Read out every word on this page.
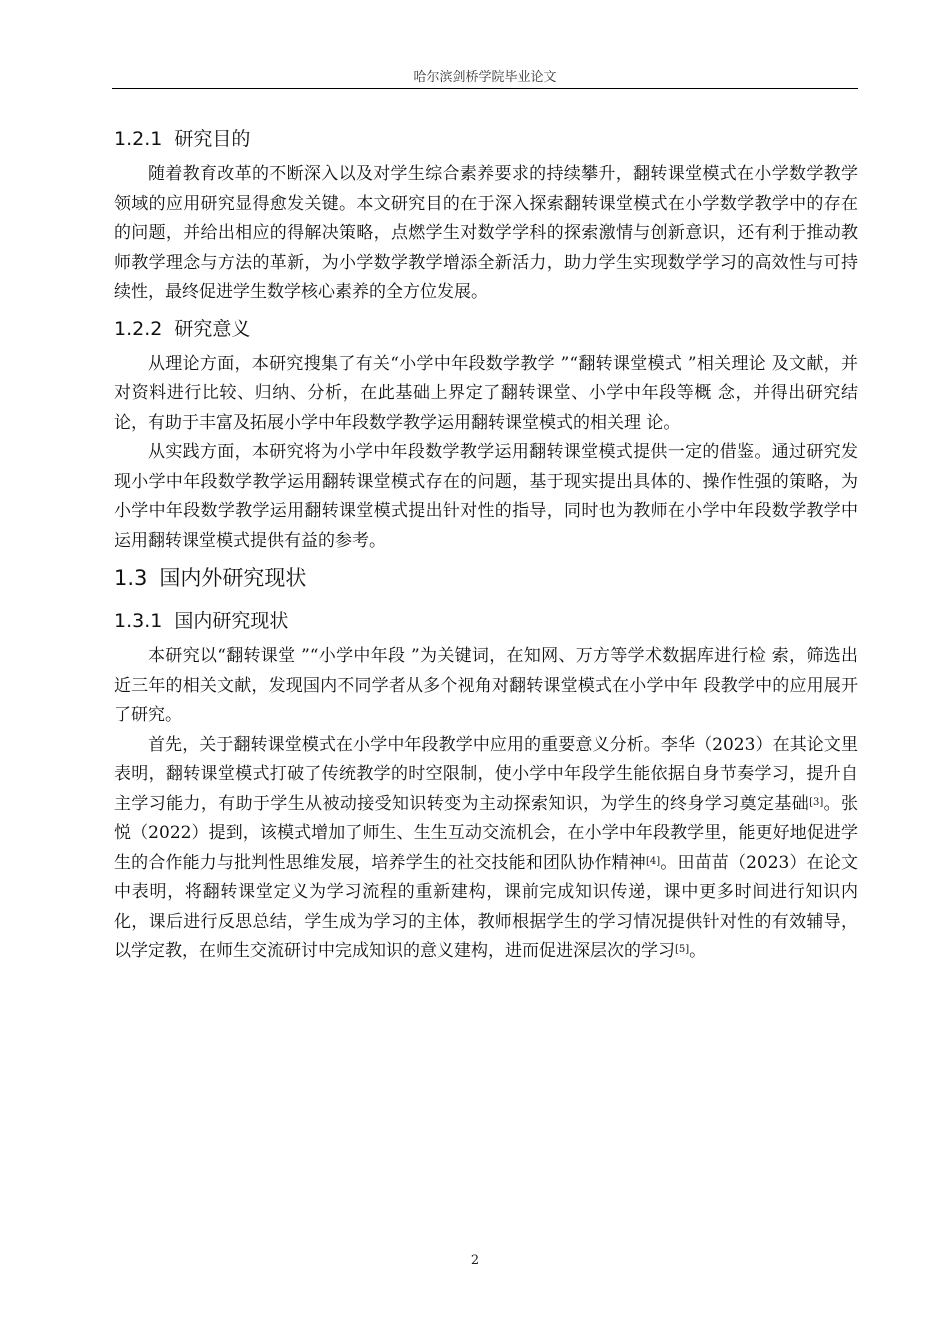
哈尔滨剑桥学院毕业论文
1.2.1 研究目的

随着教育改革的不断深入以及对学生综合素养要求的持续攀升，翻转课堂模式在小学数学教学领域的应用研究显得愈发关键。本文研究目的在于深入探索翻转课堂模式在小学数学教学中的存在的问题，并给出相应的得解决策略，点燃学生对数学学科的探索激情与创新意识，还有利于推动教师教学理念与方法的革新，为小学数学教学增添全新活力，助力学生实现数学学习的高效性与可持续性，最终促进学生数学核心素养的全方位发展。

1.2.2 研究意义

从理论方面，本研究搜集了有关“小学中年段数学教学 ”“翻转课堂模式 ”相关理论 及文献，并对资料进行比较、归纳、分析，在此基础上界定了翻转课堂、小学中年段等概 念，并得出研究结论，有助于丰富及拓展小学中年段数学教学运用翻转课堂模式的相关理 论。

从实践方面，本研究将为小学中年段数学教学运用翻转课堂模式提供一定的借鉴。通过研究发现小学中年段数学教学运用翻转课堂模式存在的问题，基于现实提出具体的、操作性强的策略，为小学中年段数学教学运用翻转课堂模式提出针对性的指导，同时也为教师在小学中年段数学教学中运用翻转课堂模式提供有益的参考。

1.3 国内外研究现状
1.3.1 国内研究现状

本研究以“翻转课堂 ”“小学中年段 ”为关键词，在知网、万方等学术数据库进行检 索，筛选出近三年的相关文献，发现国内不同学者从多个视角对翻转课堂模式在小学中年 段教学中的应用展开了研究。

首先，关于翻转课堂模式在小学中年段教学中应用的重要意义分析。李华（2023）在其论文里表明，翻转课堂模式打破了传统教学的时空限制，使小学中年段学生能依据自身节奏学习，提升自主学习能力，有助于学生从被动接受知识转变为主动探索知识，为学生的终身学习奠定基础[3]。张悦（2022）提到，该模式增加了师生、生生互动交流机会，在小学中年段教学里，能更好地促进学生的合作能力与批判性思维发展，培养学生的社交技能和团队协作精神[4]。田苗苗（2023）在论文中表明，将翻转课堂定义为学习流程的重新建构，课前完成知识传递，课中更多时间进行知识内化，课后进行反思总结，学生成为学习的主体，教师根据学生的学习情况提供针对性的有效辅导，以学定教，在师生交流研讨中完成知识的意义建构，进而促进深层次的学习[5]。

2
